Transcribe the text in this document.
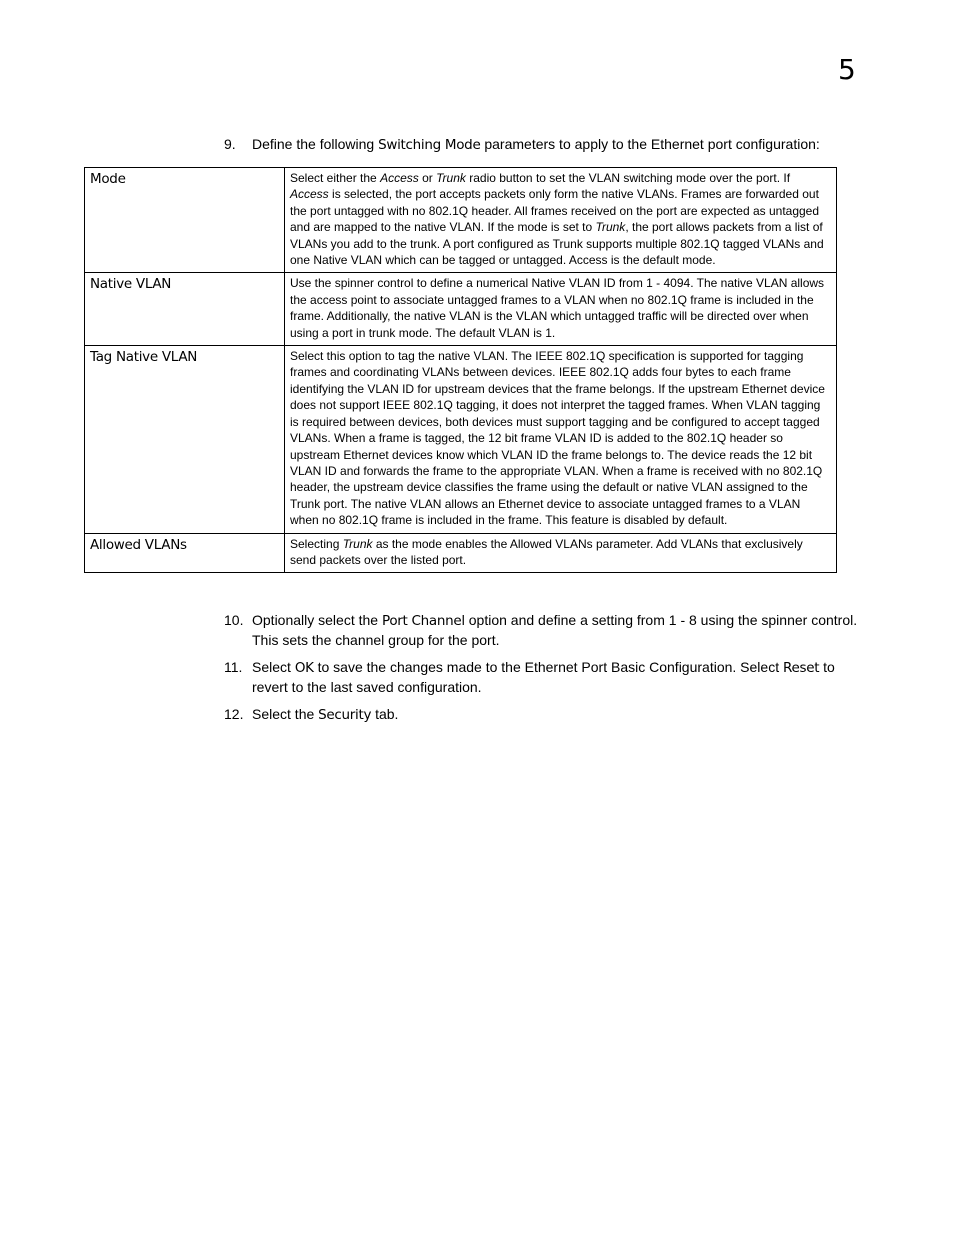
5
9.	Define the following Switching Mode parameters to apply to the Ethernet port configuration:
Mode	Select either the Access or Trunk radio button to set the VLAN switching mode over the port. If Access is selected, the port accepts packets only form the native VLANs. Frames are forwarded out the port untagged with no 802.1Q header. All frames received on the port are expected as untagged and are mapped to the native VLAN. If the mode is set to Trunk, the port allows packets from a list of VLANs you add to the trunk. A port configured as Trunk supports multiple 802.1Q tagged VLANs and one Native VLAN which can be tagged or untagged. Access is the default mode.
Native VLAN	Use the spinner control to define a numerical Native VLAN ID from 1 - 4094. The native VLAN allows the access point to associate untagged frames to a VLAN when no 802.1Q frame is included in the frame. Additionally, the native VLAN is the VLAN which untagged traffic will be directed over when using a port in trunk mode. The default VLAN is 1.
Tag Native VLAN	Select this option to tag the native VLAN. The IEEE 802.1Q specification is supported for tagging frames and coordinating VLANs between devices. IEEE 802.1Q adds four bytes to each frame identifying the VLAN ID for upstream devices that the frame belongs. If the upstream Ethernet device does not support IEEE 802.1Q tagging, it does not interpret the tagged frames. When VLAN tagging is required between devices, both devices must support tagging and be configured to accept tagged VLANs. When a frame is tagged, the 12 bit frame VLAN ID is added to the 802.1Q header so upstream Ethernet devices know which VLAN ID the frame belongs to. The device reads the 12 bit VLAN ID and forwards the frame to the appropriate VLAN. When a frame is received with no 802.1Q header, the upstream device classifies the frame using the default or native VLAN assigned to the Trunk port. The native VLAN allows an Ethernet device to associate untagged frames to a VLAN when no 802.1Q frame is included in the frame. This feature is disabled by default.
Allowed VLANs	Selecting Trunk as the mode enables the Allowed VLANs parameter. Add VLANs that exclusively send packets over the listed port.
10. Optionally select the Port Channel option and define a setting from 1 - 8 using the spinner control. This sets the channel group for the port.
11. Select OK to save the changes made to the Ethernet Port Basic Configuration. Select Reset to revert to the last saved configuration.
12. Select the Security tab.
